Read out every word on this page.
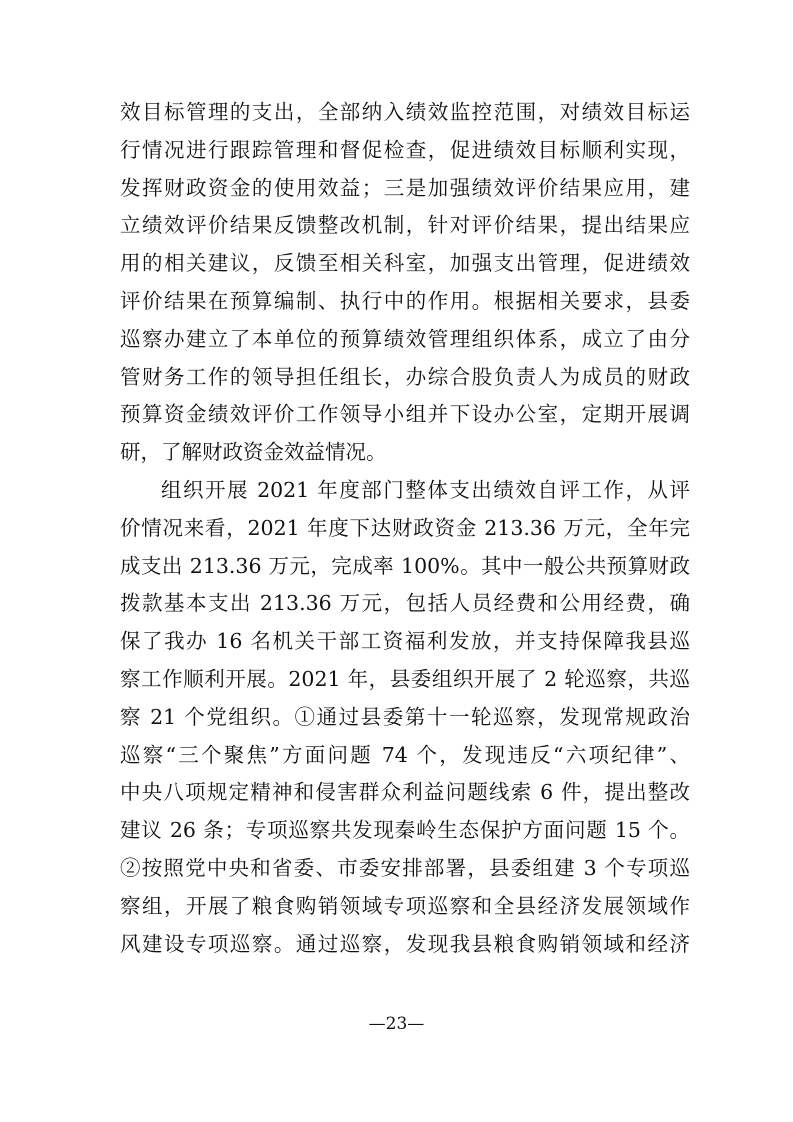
效目标管理的支出，全部纳入绩效监控范围，对绩效目标运
行情况进行跟踪管理和督促检查，促进绩效目标顺利实现，
发挥财政资金的使用效益；三是加强绩效评价结果应用，建
立绩效评价结果反馈整改机制，针对评价结果，提出结果应
用的相关建议，反馈至相关科室，加强支出管理，促进绩效
评价结果在预算编制、执行中的作用。根据相关要求，县委
巡察办建立了本单位的预算绩效管理组织体系，成立了由分
管财务工作的领导担任组长，办综合股负责人为成员的财政
预算资金绩效评价工作领导小组并下设办公室，定期开展调
研，了解财政资金效益情况。
组织开展 2021 年度部门整体支出绩效自评工作，从评
价情况来看，2021 年度下达财政资金 213.36 万元，全年完
成支出 213.36 万元，完成率 100%。其中一般公共预算财政
拨款基本支出 213.36 万元，包括人员经费和公用经费，确
保了我办 16 名机关干部工资福利发放，并支持保障我县巡
察工作顺利开展。2021 年，县委组织开展了 2 轮巡察，共巡
察 21 个党组织。①通过县委第十一轮巡察，发现常规政治
巡察“三个聚焦”方面问题 74 个，发现违反“六项纪律”、
中央八项规定精神和侵害群众利益问题线索 6 件，提出整改
建议 26 条；专项巡察共发现秦岭生态保护方面问题 15 个。
②按照党中央和省委、市委安排部署，县委组建 3 个专项巡
察组，开展了粮食购销领域专项巡察和全县经济发展领域作
风建设专项巡察。通过巡察，发现我县粮食购销领域和经济
—23—
